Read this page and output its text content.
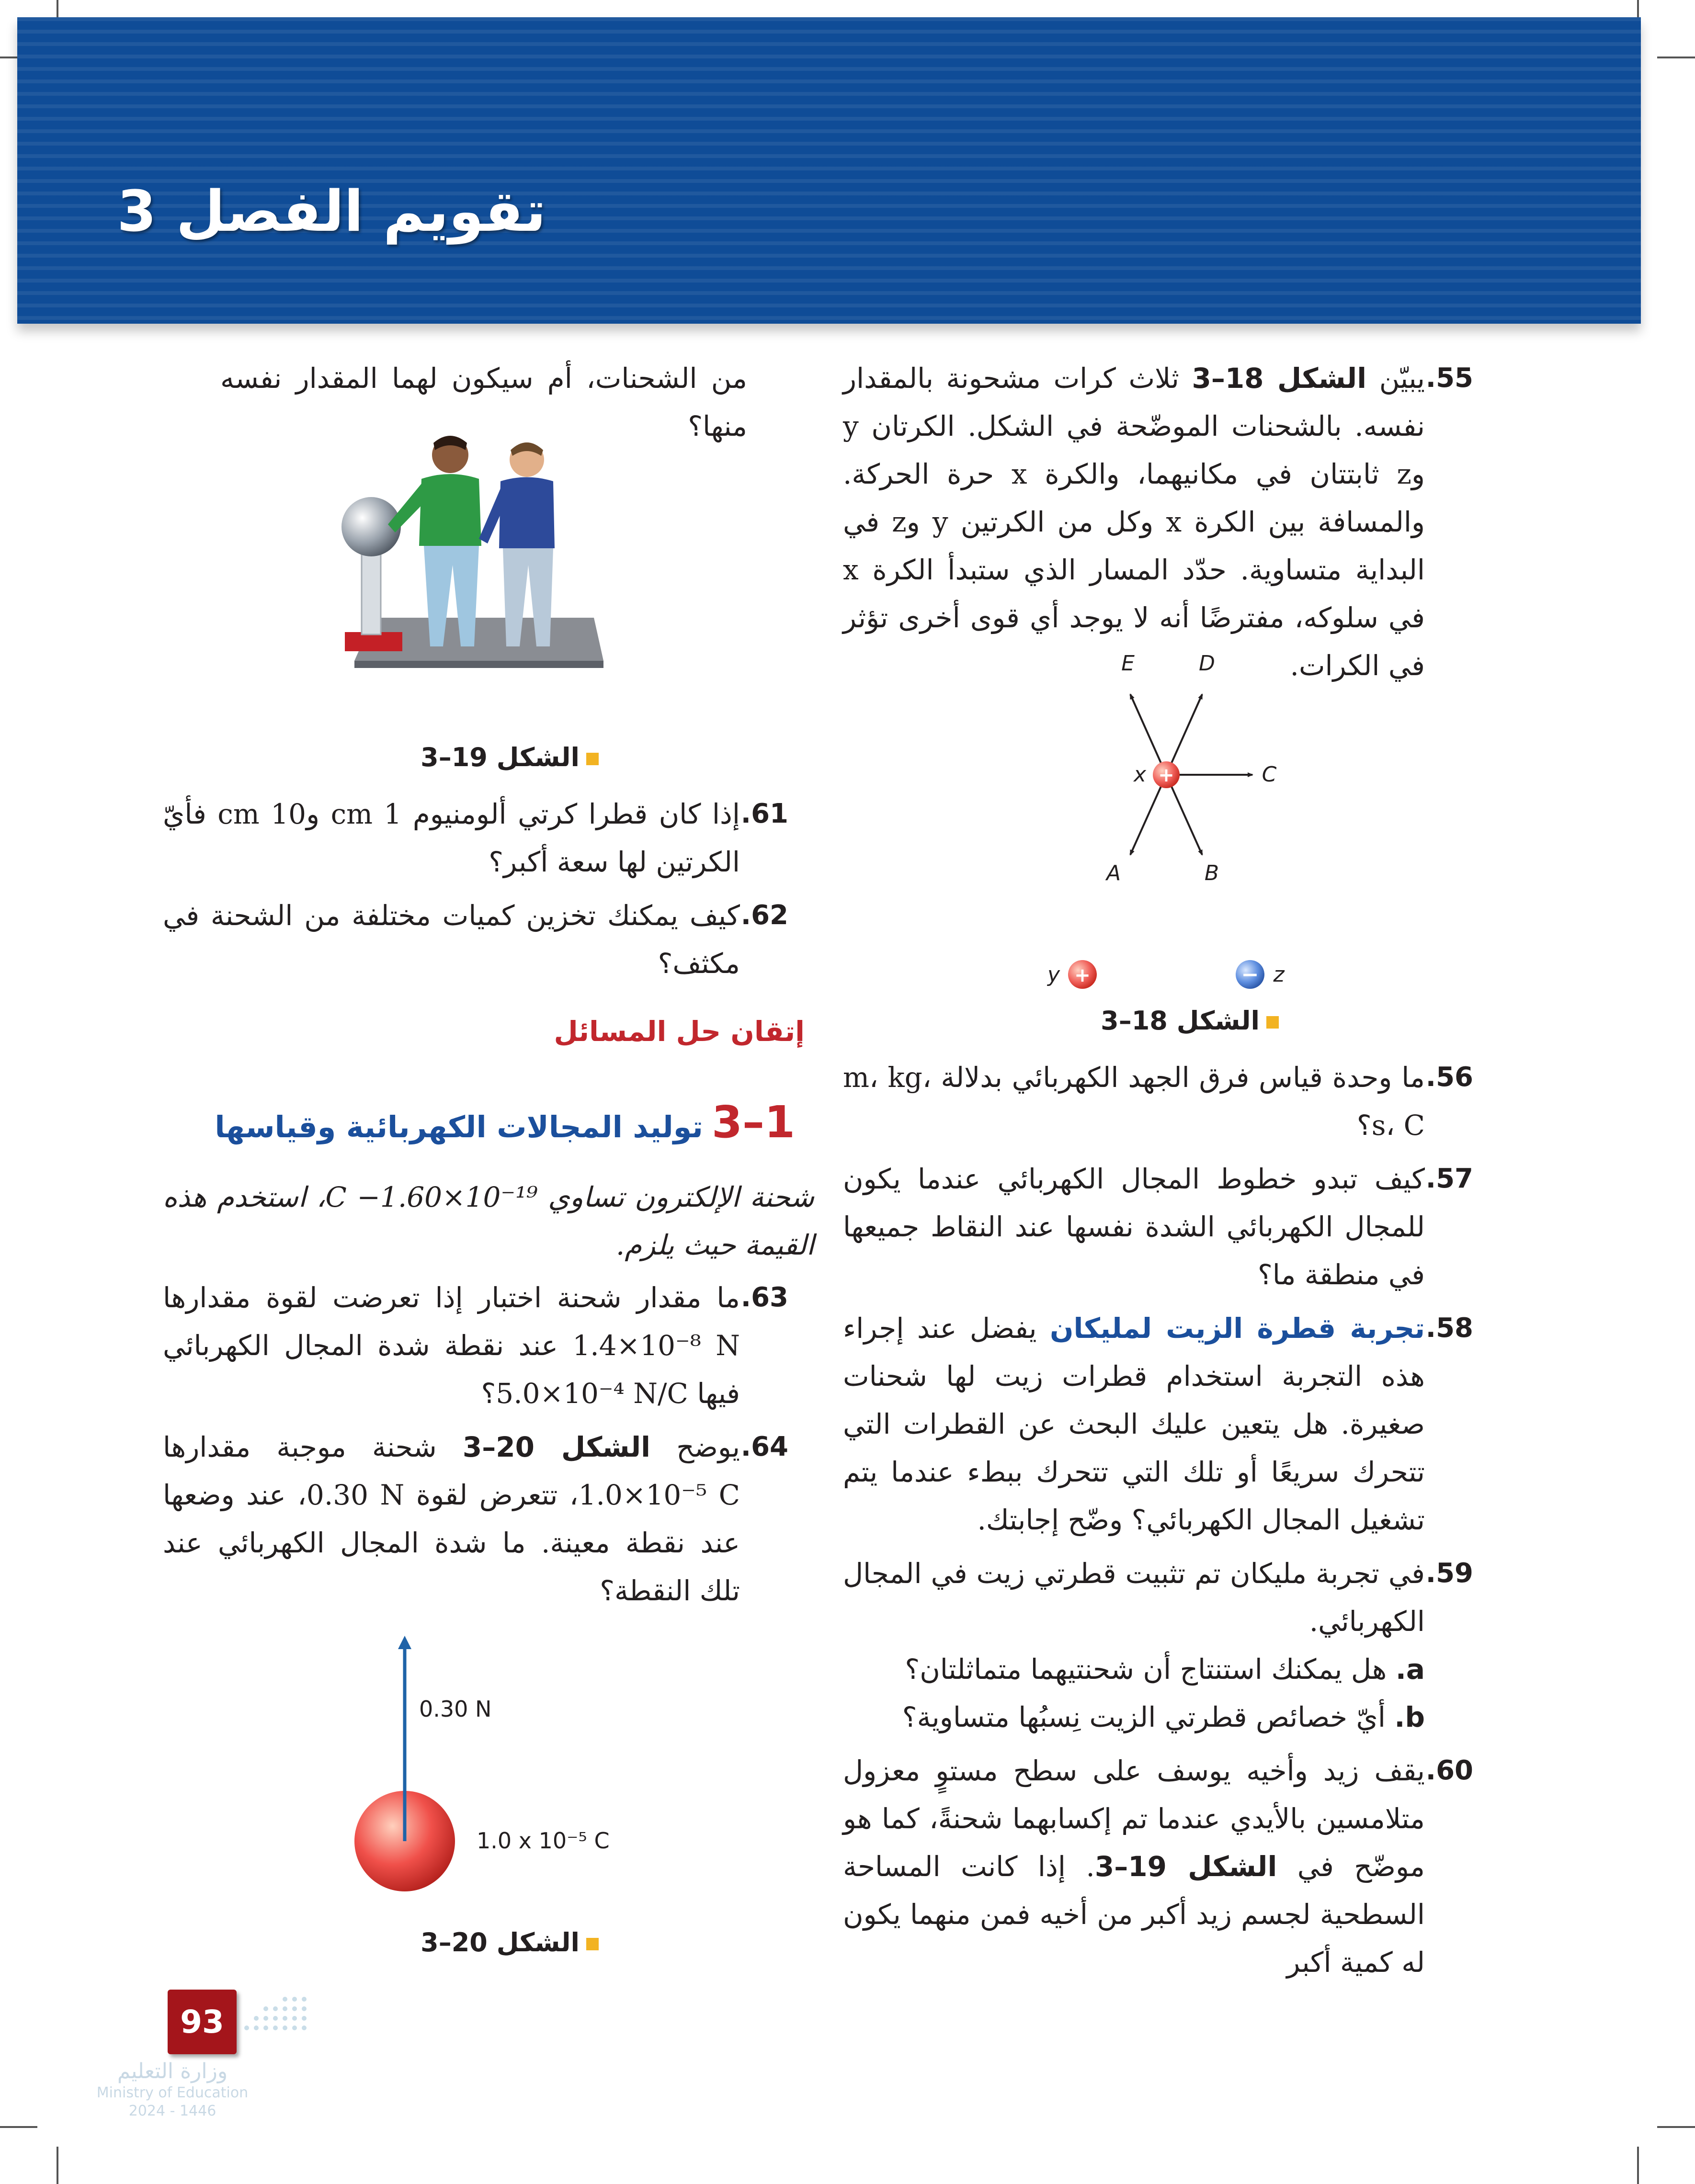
تقويم الفصل 3
.55
يبيّن الشكل 18–3 ثلاث كرات مشحونة بالمقدار نفسه. بالشحنات الموضّحة في الشكل. الكرتان y وz ثابتتان في مكانيهما، والكرة x حرة الحركة. والمسافة بين الكرة x وكل من الكرتين y وz في البداية متساوية. حدّد المسار الذي ستبدأ الكرة x في سلوكه، مفترضًا أنه لا يوجد أي قوى أخرى تؤثر في الكرات.
+
E	D
C
x
A	B
+
y	− z
الشكل 18–3
.56
ما وحدة قياس فرق الجهد الكهربائي بدلالة m، kg، s، C؟
.57
كيف تبدو خطوط المجال الكهربائي عندما يكون للمجال الكهربائي الشدة نفسها عند النقاط جميعها في منطقة ما؟
.58
تجربة قطرة الزيت لمليكان يفضل عند إجراء هذه التجربة استخدام قطرات زيت لها شحنات صغيرة. هل يتعين عليك البحث عن القطرات التي تتحرك سريعًا أو تلك التي تتحرك ببطء عندما يتم تشغيل المجال الكهربائي؟ وضّح إجابتك.
.59
في تجربة مليكان تم تثبيت قطرتي زيت في المجال الكهربائي.
a. هل يمكنك استنتاج أن شحنتيهما متماثلتان؟
b. أيّ خصائص قطرتي الزيت نِسبُها متساوية؟
.60
يقف زيد وأخيه يوسف على سطح مستوٍ معزول متلامسين بالأيدي عندما تم إكسابهما شحنةً، كما هو موضّح في الشكل 19–3. إذا كانت المساحة السطحية لجسم زيد أكبر من أخيه فمن منهما يكون له كمية أكبر
من الشحنات، أم سيكون لهما المقدار نفسه منها؟
الشكل 19–3
.61
إذا كان قطرا كرتي ألومنيوم 1 cm و10 cm فأيّ الكرتين لها سعة أكبر؟
.62
كيف يمكنك تخزين كميات مختلفة من الشحنة في مكثف؟
إتقان حل المسائل
1–3توليد المجالات الكهربائية وقياسها
شحنة الإلكترون تساوي C ‎−1.60×10⁻¹⁹‎، استخدم هذه القيمة حيث يلزم.
.63
ما مقدار شحنة اختبار إذا تعرضت لقوة مقدارها ‎1.4×10⁻⁸ N‎ عند نقطة شدة المجال الكهربائي فيها ‎5.0×10⁻⁴ N/C‎؟
.64
يوضح الشكل 20–3 شحنة موجبة مقدارها ‎1.0×10⁻⁵ C‎، تتعرض لقوة ‎0.30 N‎، عند وضعها عند نقطة معينة. ما شدة المجال الكهربائي عند تلك النقطة؟
0.30 N
1.0 x 10⁻⁵ C
الشكل 20–3
93
وزارة التعليم
Ministry of Education
2024 - 1446
